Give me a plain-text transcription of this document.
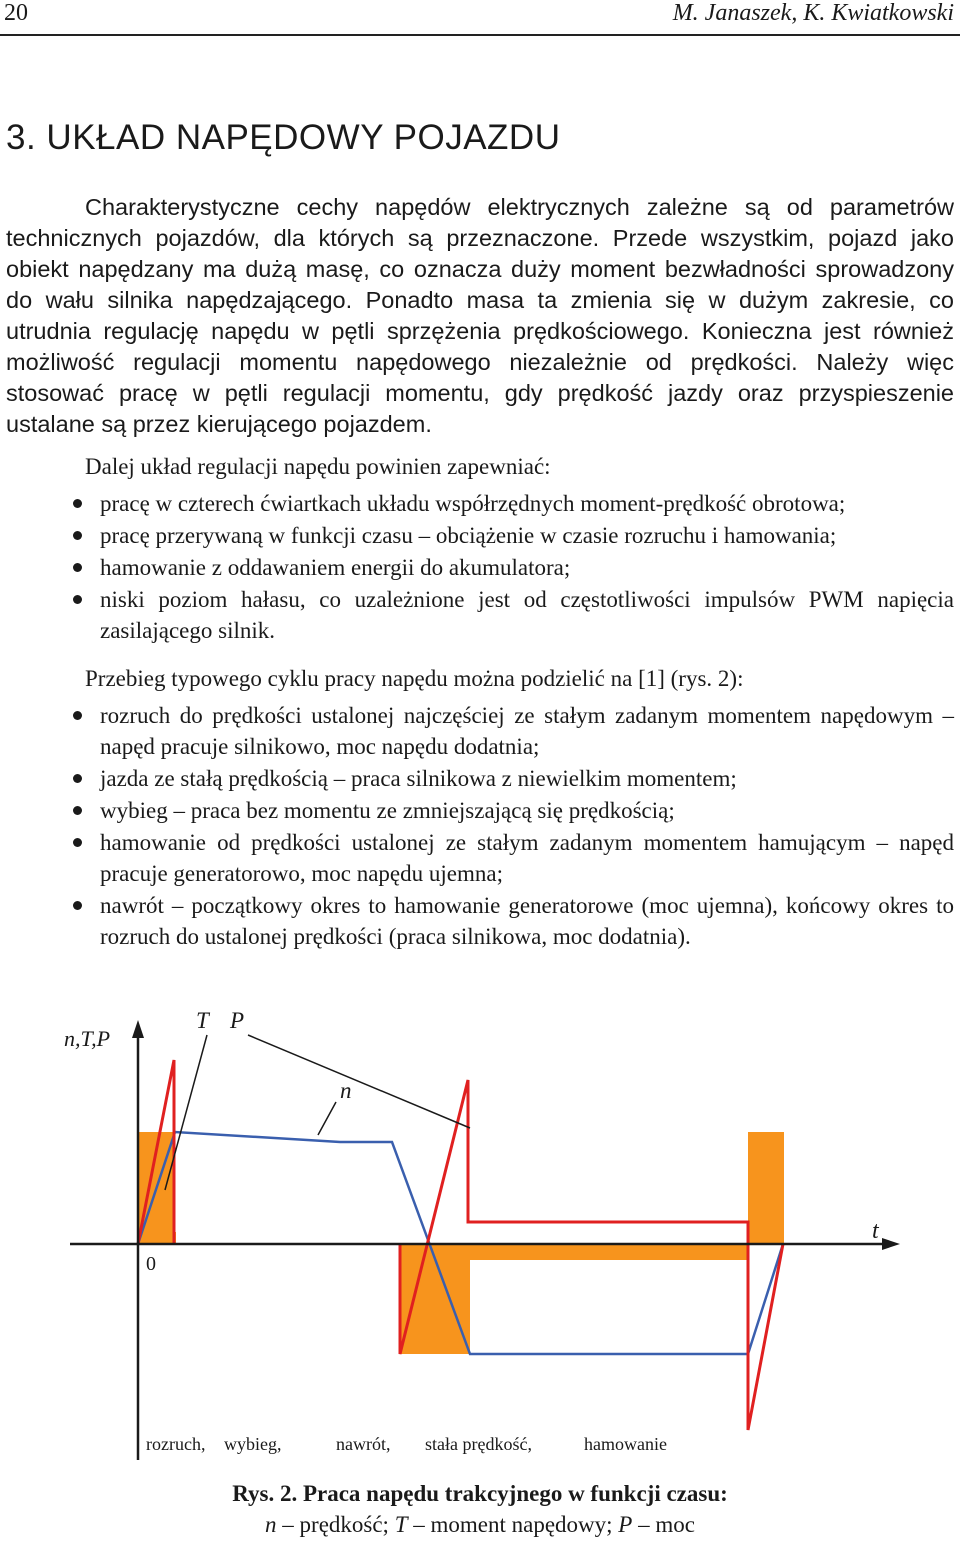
20	M. Janaszek, K. Kwiatkowski
3. UKŁAD NAPĘDOWY POJAZDU

Charakterystyczne cechy napędów elektrycznych zależne są od parametrów technicznych pojazdów, dla których są przeznaczone. Przede wszystkim, pojazd jako obiekt napędzany ma dużą masę, co oznacza duży moment bezwładności sprowadzony do wału silnika napędzającego. Ponadto masa ta zmienia się w dużym zakresie, co utrudnia regulację napędu w pętli sprzężenia prędkościowego. Konieczna jest również możliwość regulacji momentu napędowego niezależnie od prędkości. Należy więc stosować pracę w pętli regulacji momentu, gdy prędkość jazdy oraz przyspieszenie ustalane są przez kierującego pojazdem.

Dalej układ regulacji napędu powinien zapewniać:
pracę w czterech ćwiartkach układu współrzędnych moment-prędkość obrotowa;
pracę przerywaną w funkcji czasu – obciążenie w czasie rozruchu i hamowania;
hamowanie z oddawaniem energii do akumulatora;
niski poziom hałasu, co uzależnione jest od częstotliwości impulsów PWM napięcia zasilającego silnik.
Przebieg typowego cyklu pracy napędu można podzielić na [1] (rys. 2):
rozruch do prędkości ustalonej najczęściej ze stałym zadanym momentem napędowym – napęd pracuje silnikowo, moc napędu dodatnia;
jazda ze stałą prędkością – praca silnikowa z niewielkim momentem;
wybieg – praca bez momentu ze zmniejszającą się prędkością;
hamowanie od prędkości ustalonej ze stałym zadanym momentem hamującym – napęd pracuje generatorowo, moc napędu ujemna;
nawrót – początkowy okres to hamowanie generatorowe (moc ujemna), końcowy okres to rozruch do ustalonej prędkości (praca silnikowa, moc dodatnia).
n,T,P
t
0
T P
n
rozruch, wybieg,	nawrót, stała prędkość,	hamowanie
Rys. 2. Praca napędu trakcyjnego w funkcji czasu:
n – prędkość; T – moment napędowy; P – moc
